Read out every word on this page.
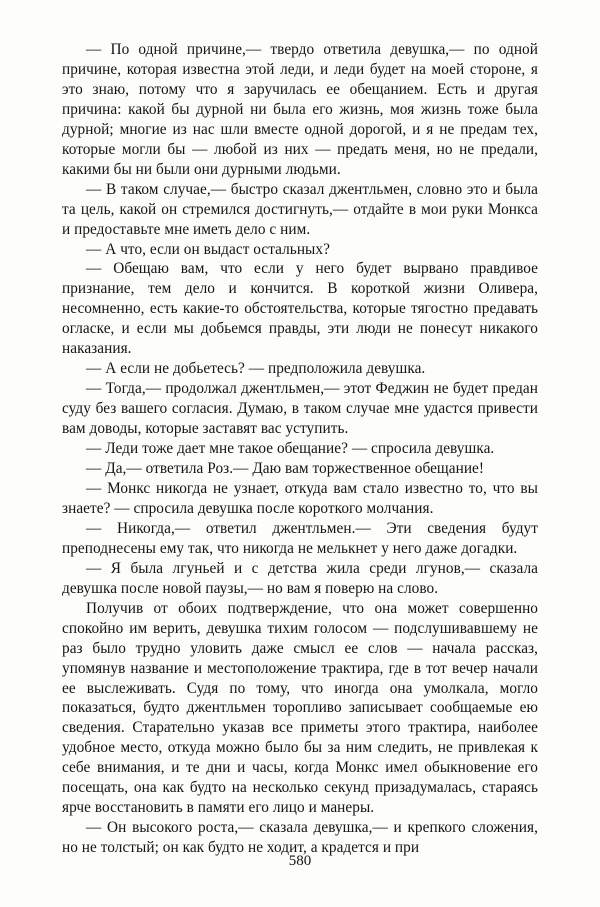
— По одной причине,— твердо ответила девушка,— по одной причине, которая известна этой леди, и леди будет на моей стороне, я это знаю, потому что я заручилась ее обещанием. Есть и другая причина: какой бы дурной ни была его жизнь, моя жизнь тоже была дурной; многие из нас шли вместе одной дорогой, и я не предам тех, которые могли бы — любой из них — предать меня, но не предали, какими бы ни были они дурными людьми.

— В таком случае,— быстро сказал джентльмен, словно это и была та цель, какой он стремился достигнуть,— отдайте в мои руки Монкса и предоставьте мне иметь дело с ним.

— А что, если он выдаст остальных?

— Обещаю вам, что если у него будет вырвано правдивое признание, тем дело и кончится. В короткой жизни Оливера, несомненно, есть какие-то обстоятельства, которые тягостно предавать огласке, и если мы добьемся правды, эти люди не понесут никакого наказания.

— А если не добьетесь? — предположила девушка.

— Тогда,— продолжал джентльмен,— этот Феджин не будет предан суду без вашего согласия. Думаю, в таком случае мне удастся привести вам доводы, которые заставят вас уступить.

— Леди тоже дает мне такое обещание? — спросила девушка.

— Да,— ответила Роз.— Даю вам торжественное обещание!

— Монкс никогда не узнает, откуда вам стало известно то, что вы знаете? — спросила девушка после короткого молчания.

— Никогда,— ответил джентльмен.— Эти сведения будут преподнесены ему так, что никогда не мелькнет у него даже догадки.

— Я была лгуньей и с детства жила среди лгунов,— сказала девушка после новой паузы,— но вам я поверю на слово.

Получив от обоих подтверждение, что она может совершенно спокойно им верить, девушка тихим голосом — подслушивавшему не раз было трудно уловить даже смысл ее слов — начала рассказ, упомянув название и местоположение трактира, где в тот вечер начали ее выслеживать. Судя по тому, что иногда она умолкала, могло показаться, будто джентльмен торопливо записывает сообщаемые ею сведения. Старательно указав все приметы этого трактира, наиболее удобное место, откуда можно было бы за ним следить, не привлекая к себе внимания, и те дни и часы, когда Монкс имел обыкновение его посещать, она как будто на несколько секунд призадумалась, стараясь ярче восстановить в памяти его лицо и манеры.

— Он высокого роста,— сказала девушка,— и крепкого сложения, но не толстый; он как будто не ходит, а крадется и при

580
